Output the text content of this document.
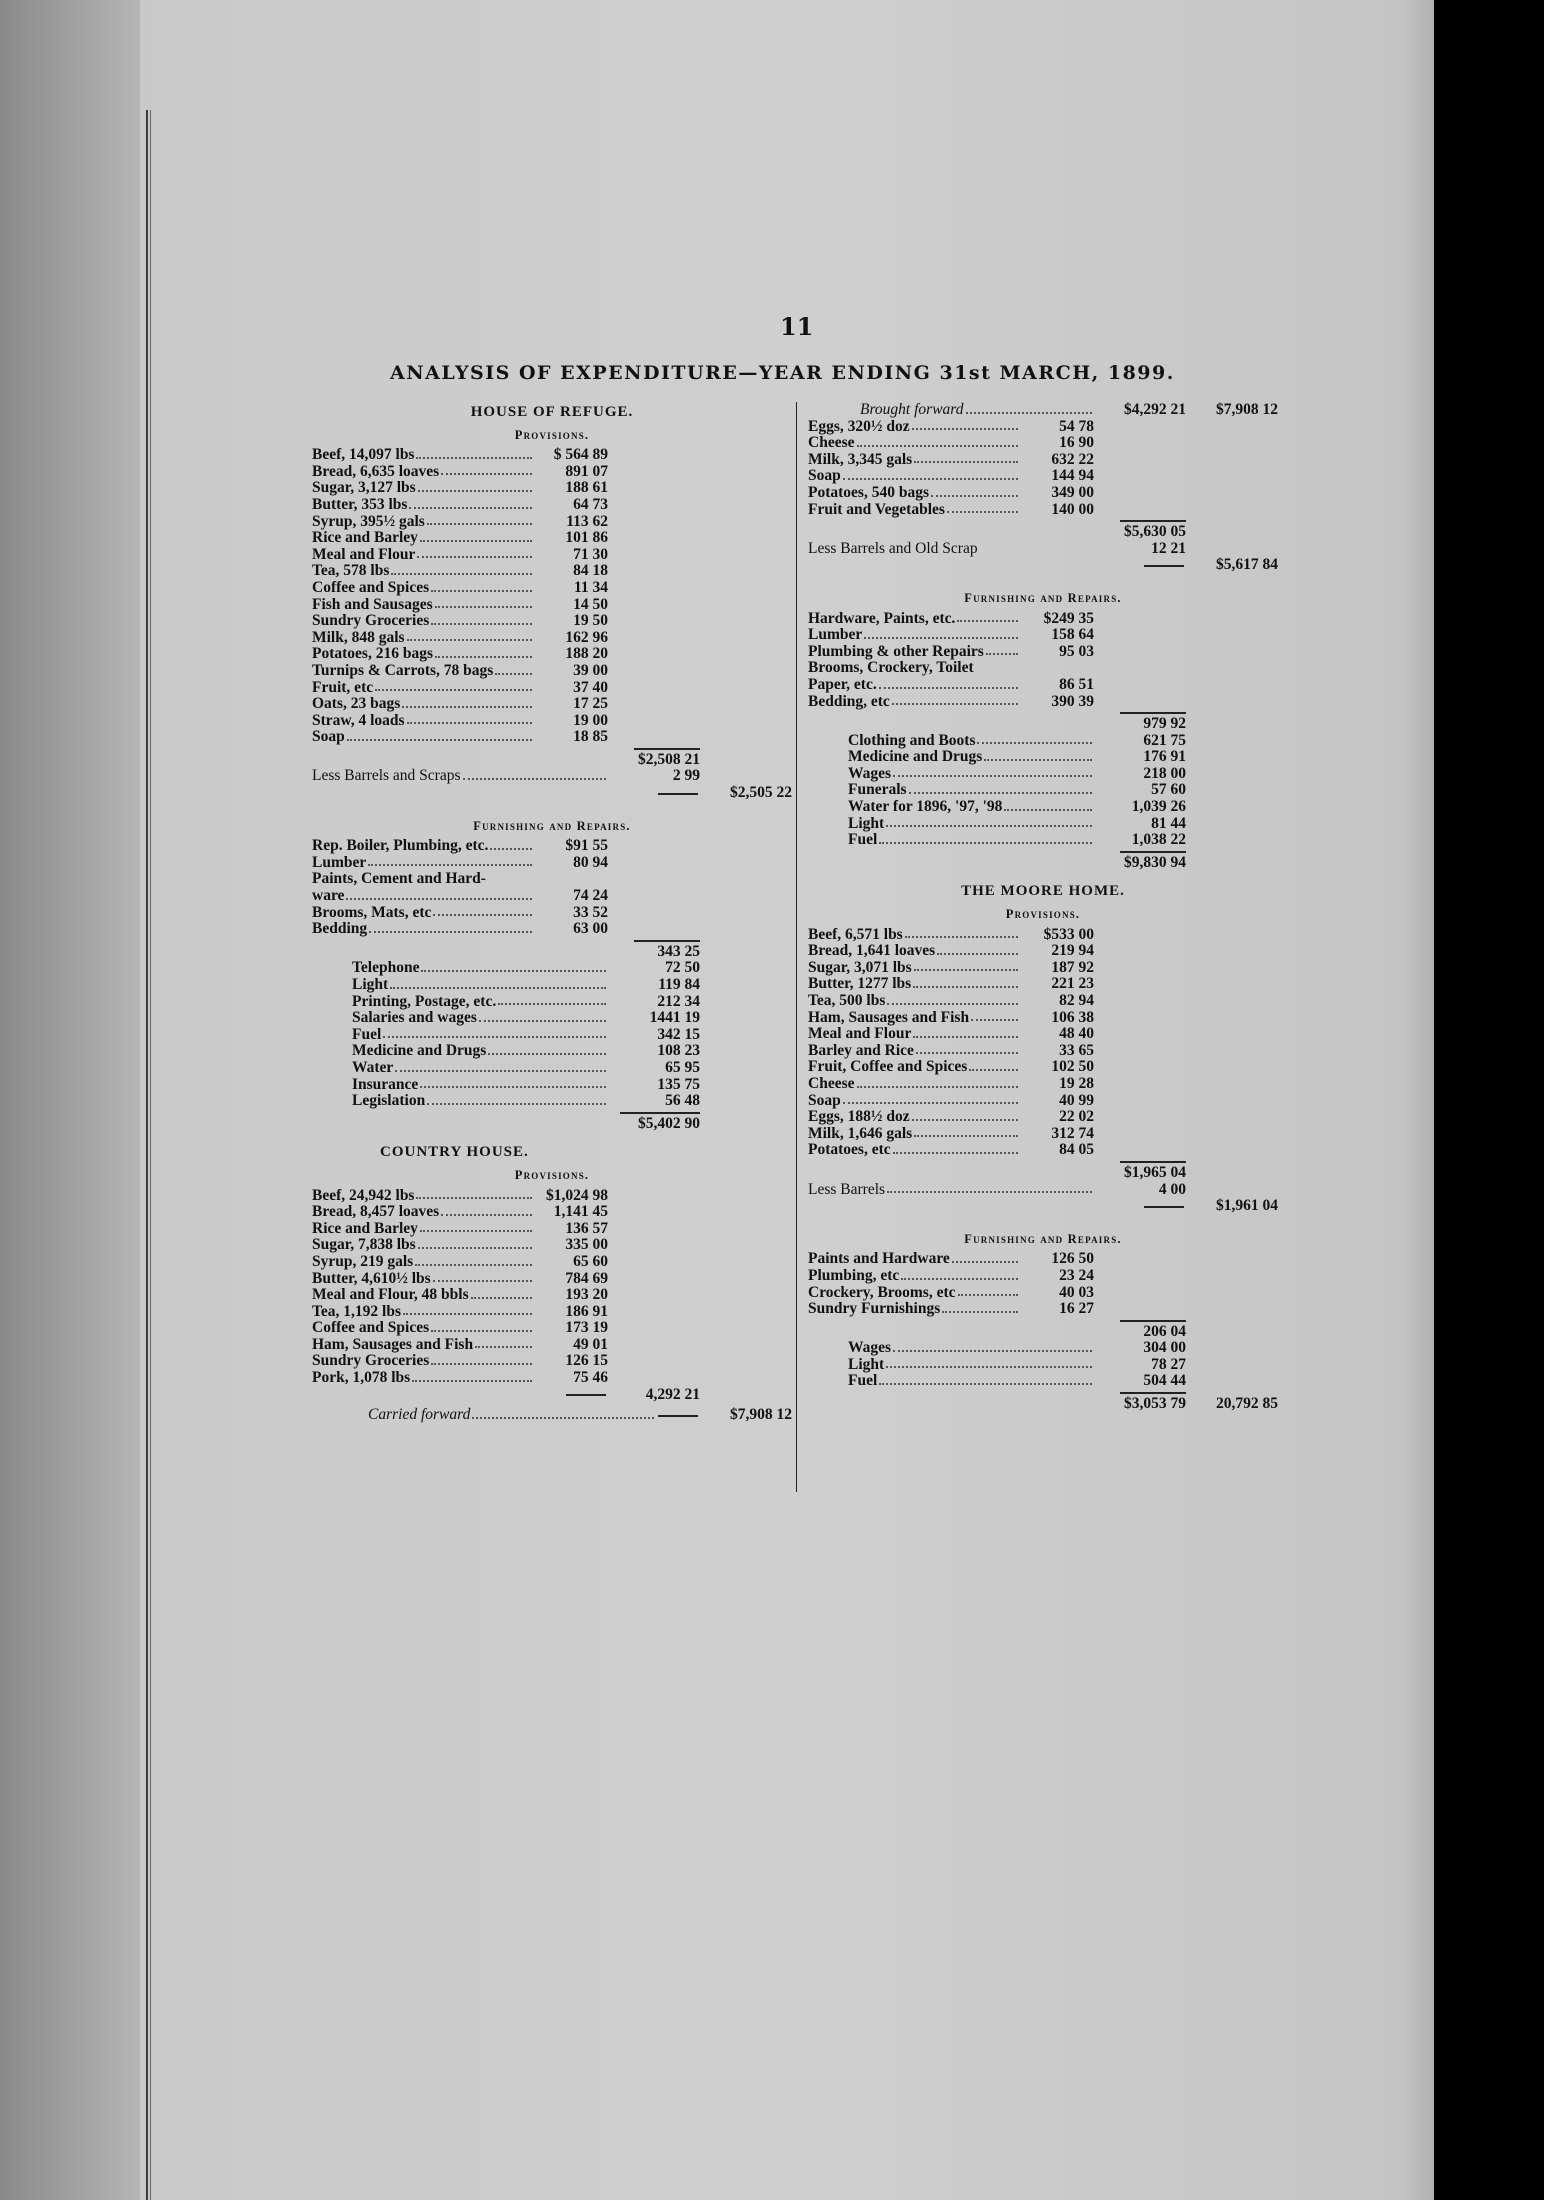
11
ANALYSIS OF EXPENDITURE—YEAR ENDING 31st MARCH, 1899.
HOUSE OF REFUGE.
Provisions.
Beef, 14,097 lbs	$ 564 89
Bread, 6,635 loaves	891 07
Sugar, 3,127 lbs	188 61
Butter, 353 lbs	64 73
Syrup, 395½ gals	113 62
Rice and Barley	101 86
Meal and Flour	71 30
Tea, 578 lbs	84 18
Coffee and Spices	11 34
Fish and Sausages	14 50
Sundry Groceries	19 50
Milk, 848 gals	162 96
Potatoes, 216 bags	188 20
Turnips & Carrots, 78 bags	39 00
Fruit, etc	37 40
Oats, 23 bags	17 25
Straw, 4 loads	19 00
Soap	18 85
$2,508 21
Less Barrels and Scraps	2 99
$2,505 22
Furnishing and Repairs.
Rep. Boiler, Plumbing, etc.	$91 55
Lumber	80 94
Paints, Cement and Hard-
ware	74 24
Brooms, Mats, etc	33 52
Bedding	63 00
343 25
Telephone	72 50
Light	119 84
Printing, Postage, etc.	212 34
Salaries and wages	1441 19
Fuel	342 15
Medicine and Drugs	108 23
Water	65 95
Insurance	135 75
Legislation	56 48
$5,402 90
COUNTRY HOUSE.
Provisions.
Beef, 24,942 lbs	$1,024 98
Bread, 8,457 loaves	1,141 45
Rice and Barley	136 57
Sugar, 7,838 lbs	335 00
Syrup, 219 gals	65 60
Butter, 4,610½ lbs	784 69
Meal and Flour, 48 bbls	193 20
Tea, 1,192 lbs	186 91
Coffee and Spices	173 19
Ham, Sausages and Fish	49 01
Sundry Groceries	126 15
Pork, 1,078 lbs	75 46
4,292 21
Carried forward	$7,908 12
Brought forward	$4,292 21	$7,908 12
Eggs, 320½ doz	54 78
Cheese	16 90
Milk, 3,345 gals	632 22
Soap	144 94
Potatoes, 540 bags	349 00
Fruit and Vegetables	140 00
$5,630 05
Less Barrels and Old Scrap	12 21
$5,617 84
Furnishing and Repairs.
Hardware, Paints, etc.	$249 35
Lumber	158 64
Plumbing & other Repairs	95 03
Brooms, Crockery, Toilet
Paper, etc.	86 51
Bedding, etc	390 39
979 92
Clothing and Boots	621 75
Medicine and Drugs	176 91
Wages	218 00
Funerals	57 60
Water for 1896, '97, '98	1,039 26
Light	81 44
Fuel	1,038 22
$9,830 94
THE MOORE HOME.
Provisions.
Beef, 6,571 lbs	$533 00
Bread, 1,641 loaves	219 94
Sugar, 3,071 lbs	187 92
Butter, 1277 lbs	221 23
Tea, 500 lbs	82 94
Ham, Sausages and Fish	106 38
Meal and Flour	48 40
Barley and Rice	33 65
Fruit, Coffee and Spices	102 50
Cheese	19 28
Soap	40 99
Eggs, 188½ doz	22 02
Milk, 1,646 gals	312 74
Potatoes, etc	84 05
$1,965 04
Less Barrels	4 00
$1,961 04
Furnishing and Repairs.
Paints and Hardware	126 50
Plumbing, etc	23 24
Crockery, Brooms, etc	40 03
Sundry Furnishings	16 27
206 04
Wages	304 00
Light	78 27
Fuel	504 44
$3,053 79	20,792 85
